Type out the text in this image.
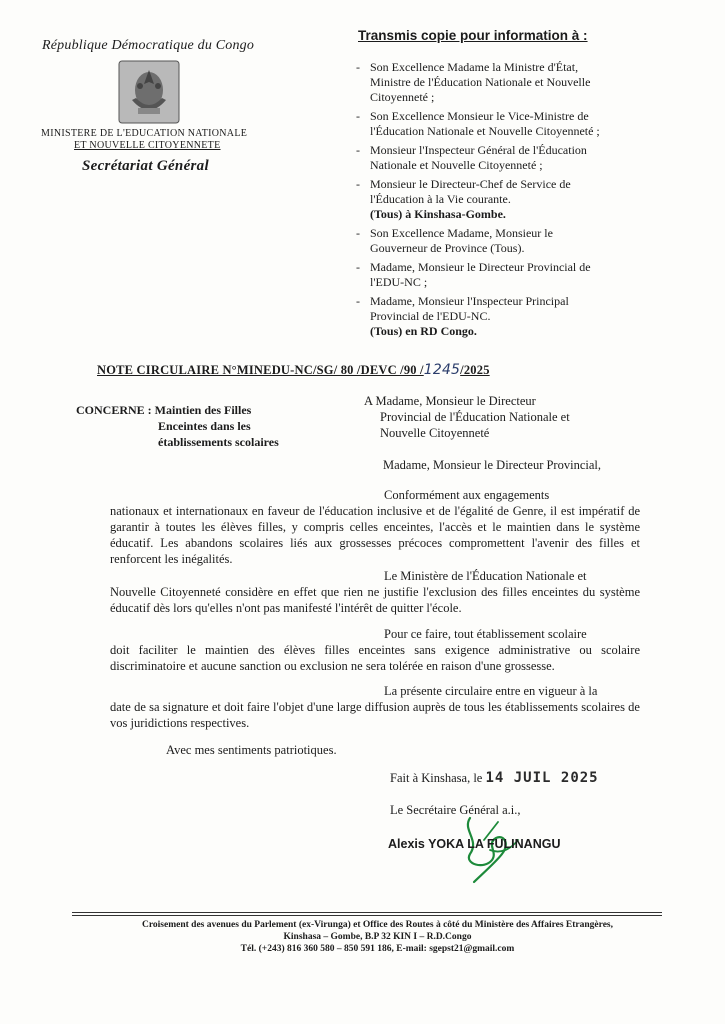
République Démocratique du Congo
MINISTERE DE L'EDUCATION NATIONALE
ET NOUVELLE CITOYENNETE
Secrétariat Général
Transmis copie pour information à :
- Son Excellence Madame la Ministre d'État,
Ministre de l'Éducation Nationale et Nouvelle
Citoyenneté ;
- Son Excellence Monsieur le Vice-Ministre de
l'Éducation Nationale et Nouvelle Citoyenneté ;
- Monsieur l'Inspecteur Général de l'Éducation
Nationale et Nouvelle Citoyenneté ;
- Monsieur le Directeur-Chef de Service de
l'Éducation à la Vie courante.
(Tous) à Kinshasa-Gombe.
- Son Excellence Madame, Monsieur le
Gouverneur de Province (Tous).
- Madame, Monsieur le Directeur Provincial de
l'EDU-NC ;
- Madame, Monsieur l'Inspecteur Principal
Provincial de l'EDU-NC.
(Tous) en RD Congo.
NOTE CIRCULAIRE N°MINEDU-NC/SG/ 80 /DEVC /90 /1245/2025
CONCERNE : Maintien des Filles
Enceintes dans les
établissements scolaires
A Madame, Monsieur le Directeur
Provincial de l'Éducation Nationale et
Nouvelle Citoyenneté
Madame, Monsieur le Directeur Provincial,
Conformément aux engagements
nationaux et internationaux en faveur de l'éducation inclusive et de l'égalité de Genre, il est impératif de garantir à toutes les élèves filles, y compris celles enceintes, l'accès et le maintien dans le système éducatif. Les abandons scolaires liés aux grossesses précoces compromettent l'avenir des filles et renforcent les inégalités.
Le Ministère de l'Éducation Nationale et
Nouvelle Citoyenneté considère en effet que rien ne justifie l'exclusion des filles enceintes du système éducatif dès lors qu'elles n'ont pas manifesté l'intérêt de quitter l'école.
Pour ce faire, tout établissement scolaire
doit faciliter le maintien des élèves filles enceintes sans exigence administrative ou scolaire discriminatoire et aucune sanction ou exclusion ne sera tolérée en raison d'une grossesse.
La présente circulaire entre en vigueur à la
date de sa signature et doit faire l'objet d'une large diffusion auprès de tous les établissements scolaires de vos juridictions respectives.
Avec mes sentiments patriotiques.
Fait à Kinshasa, le 14 JUIL 2025
Le Secrétaire Général a.i.,
Alexis YOKA LA FULINANGU
Croisement des avenues du Parlement (ex-Virunga) et Office des Routes à côté du Ministère des Affaires Etrangères,
Kinshasa – Gombe, B.P 32 KIN I – R.D.Congo
Tél. (+243) 816 360 580 – 850 591 186, E-mail: sgepst21@gmail.com
